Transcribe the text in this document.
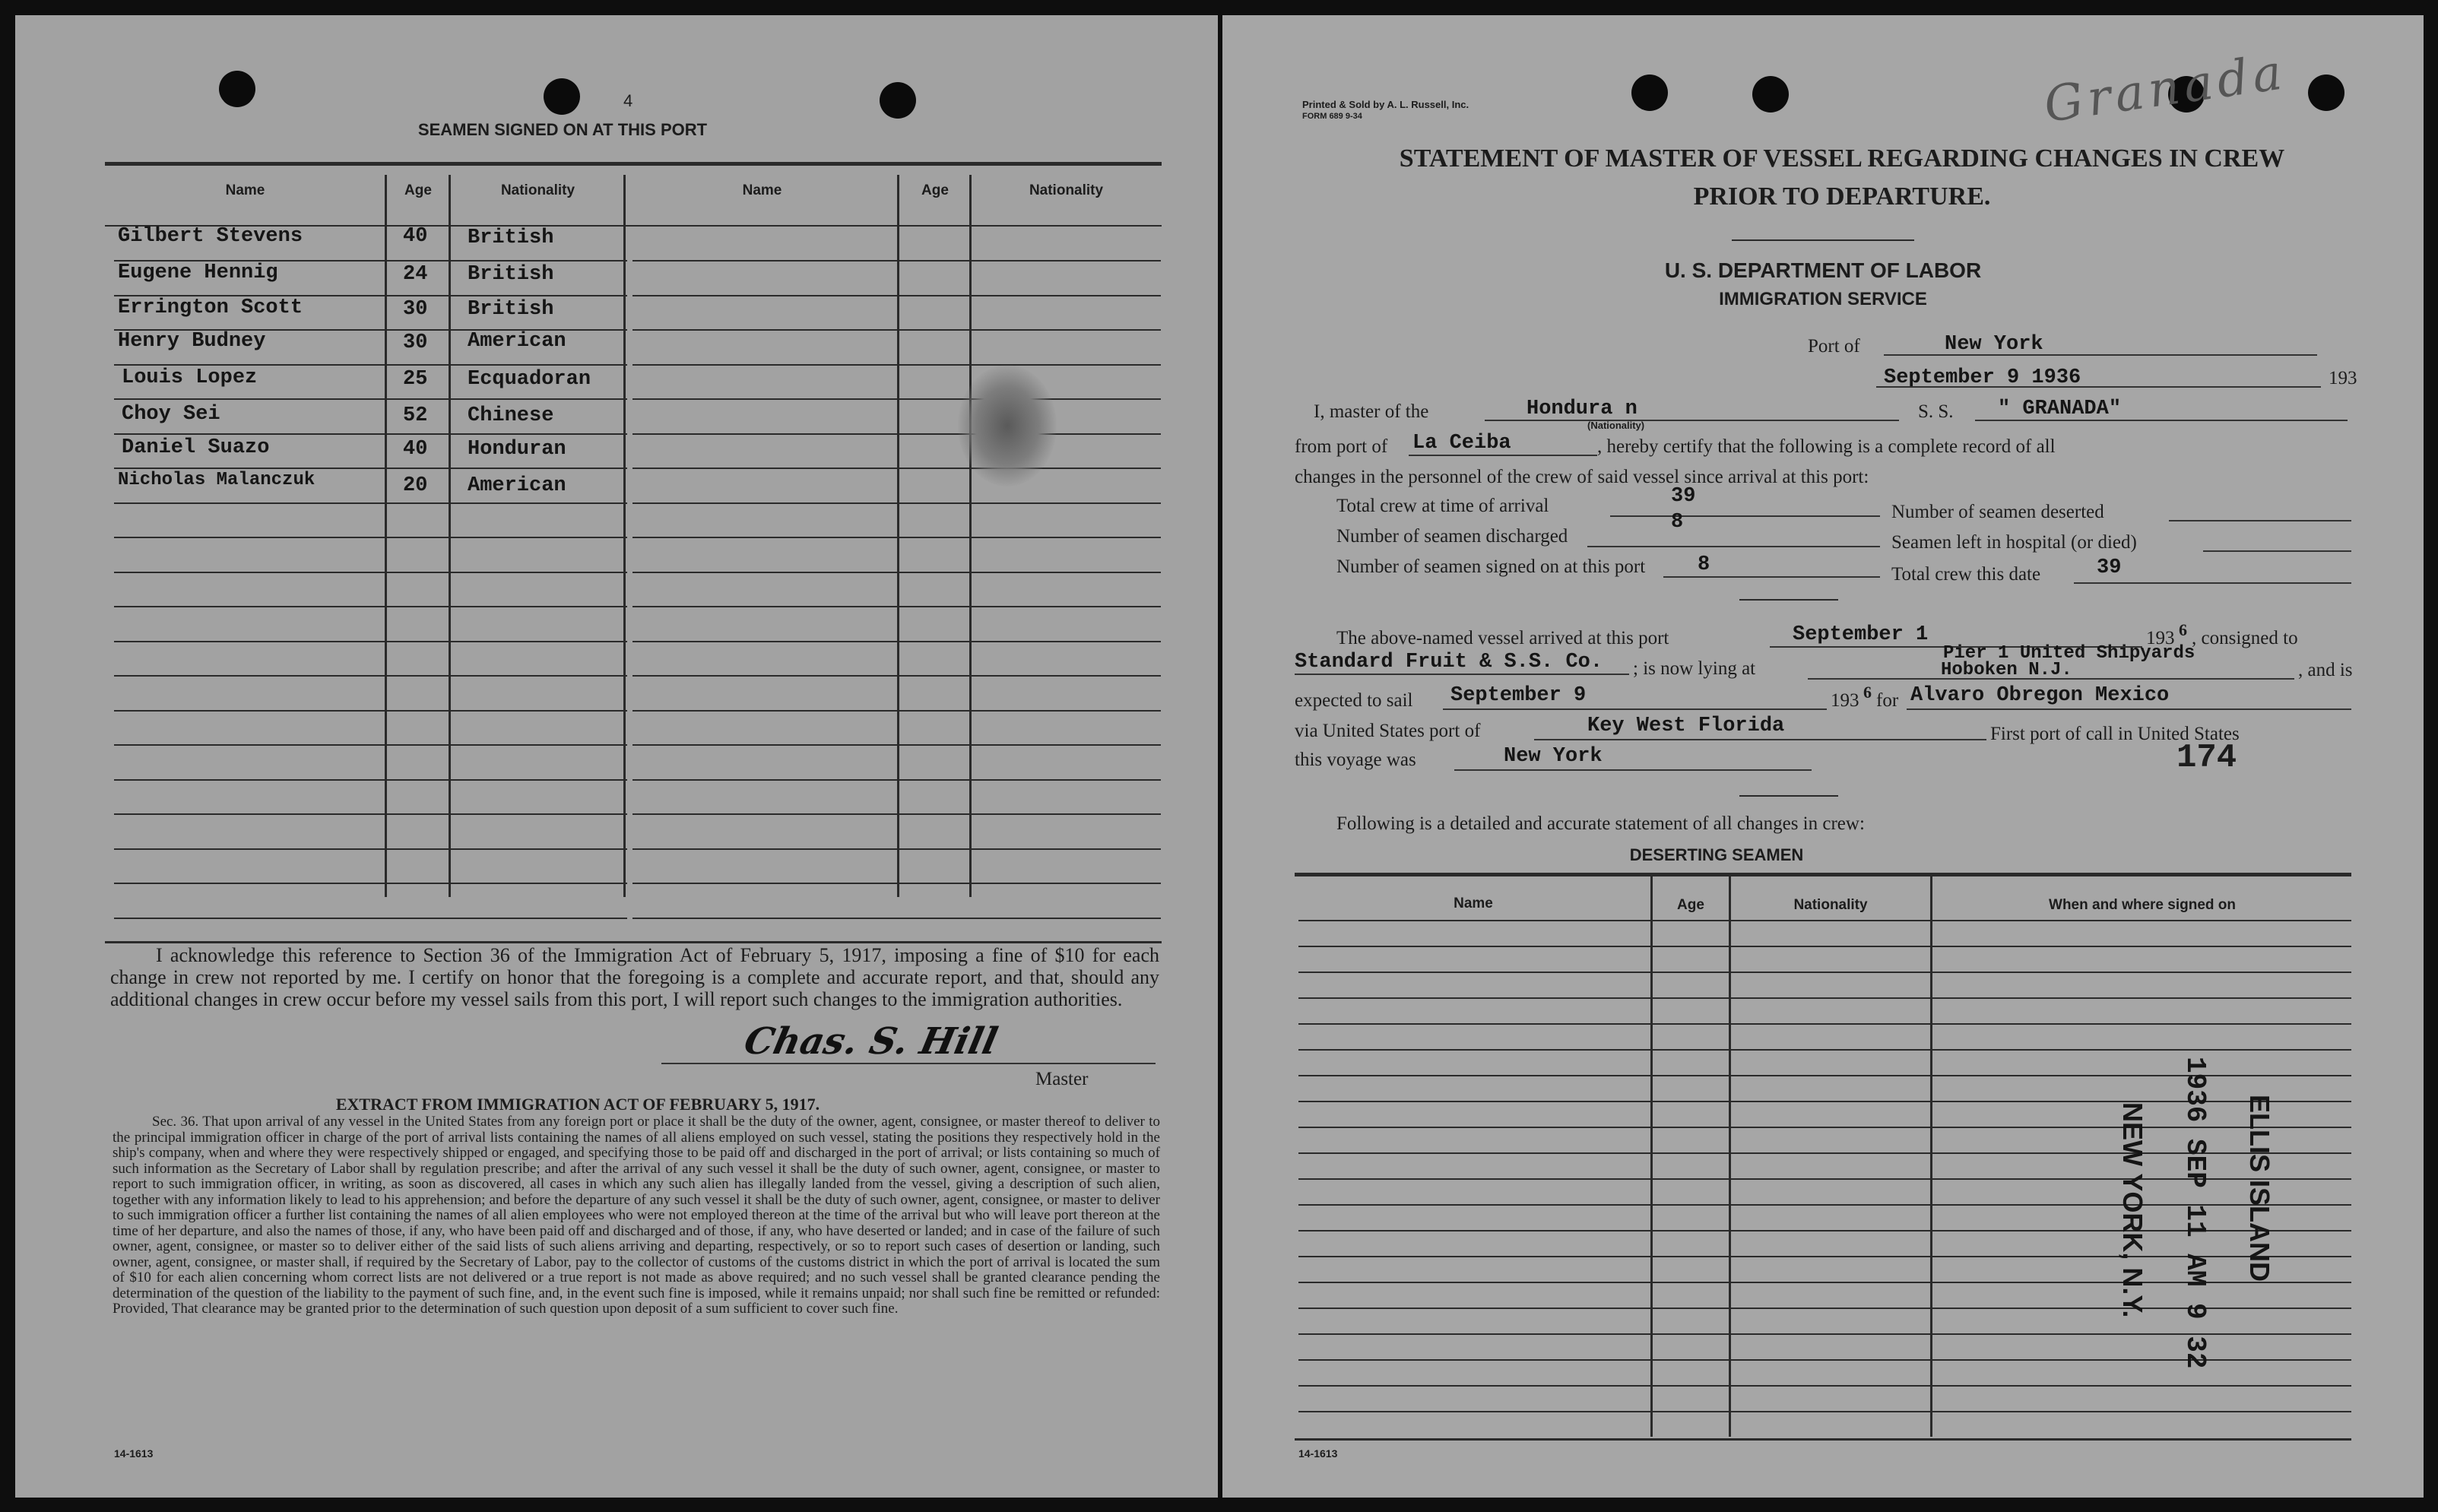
4
SEAMEN SIGNED ON AT THIS PORT
Name	Age	Nationality	Name	Age	Nationality
Gilbert Stevens	40 British
Eugene Hennig	24 British
Errington Scott	30 British
Henry Budney	30 American
Louis Lopez	25 Ecquadoran
Choy Sei	52 Chinese
Daniel Suazo	40 Honduran
Nicholas Malanczuk	20 American
I acknowledge this reference to Section 36 of the Immigration Act of February 5, 1917, imposing a fine of $10 for each change in crew not reported by me. I certify on honor that the foregoing is a complete and accurate report, and that, should any additional changes in crew occur before my vessel sails from this port, I will report such changes to the immigration authorities.
Chas. S. Hill
Master
EXTRACT FROM IMMIGRATION ACT OF FEBRUARY 5, 1917.
Sec. 36. That upon arrival of any vessel in the United States from any foreign port or place it shall be the duty of the owner, agent, consignee, or master thereof to deliver to the principal immigration officer in charge of the port of arrival lists containing the names of all aliens employed on such vessel, stating the positions they respectively hold in the ship's company, when and where they were respectively shipped or engaged, and specifying those to be paid off and discharged in the port of arrival; or lists containing so much of such information as the Secretary of Labor shall by regulation prescribe; and after the arrival of any such vessel it shall be the duty of such owner, agent, consignee, or master to report to such immigration officer, in writing, as soon as discovered, all cases in which any such alien has illegally landed from the vessel, giving a description of such alien, together with any information likely to lead to his apprehension; and before the departure of any such vessel it shall be the duty of such owner, agent, consignee, or master to deliver to such immigration officer a further list containing the names of all alien employees who were not employed thereon at the time of the arrival but who will leave port thereon at the time of her departure, and also the names of those, if any, who have been paid off and discharged and of those, if any, who have deserted or landed; and in case of the failure of such owner, agent, consignee, or master so to deliver either of the said lists of such aliens arriving and departing, respectively, or so to report such cases of desertion or landing, such owner, agent, consignee, or master shall, if required by the Secretary of Labor, pay to the collector of customs of the customs district in which the port of arrival is located the sum of $10 for each alien concerning whom correct lists are not delivered or a true report is not made as above required; and no such vessel shall be granted clearance pending the determination of the question of the liability to the payment of such fine, and, in the event such fine is imposed, while it remains unpaid; nor shall such fine be remitted or refunded: Provided, That clearance may be granted prior to the determination of such question upon deposit of a sum sufficient to cover such fine.
14-1613
Printed & Sold by A. L. Russell, Inc.
FORM 689 9-34	Granada
STATEMENT OF MASTER OF VESSEL REGARDING CHANGES IN CREW
PRIOR TO DEPARTURE.
U. S. DEPARTMENT OF LABOR
IMMIGRATION SERVICE
Port of	New York
September 9 1936	193
I, master of the	Hondura n
(Nationality)
S. S. " GRANADA"
from port of La Ceiba	, hereby certify that the following is a complete record of all
changes in the personnel of the crew of said vessel since arrival at this port:
Total crew at time of arrival	39
Number of seamen discharged
8
Number of seamen signed on at this port	8
Number of seamen deserted
Seamen left in hospital (or died)
Total crew this date	39
The above-named vessel arrived at this port	September 1	193 6 , consigned to
Standard Fruit & S.S. Co. ; is now lying at
Pier 1 United Shipyards
Hoboken N.J.	, and is
expected to sail September 9	193 6 for Alvaro Obregon Mexico
via United States port of	Key West Florida	First port of call in United States
this voyage was	New York	174
Following is a detailed and accurate statement of all changes in crew:
DESERTING SEAMEN
Name	Age	Nationality	When and where signed on
ELLIS ISLAND
1936 SEP 11 AM 9 32
NEW YORK, N.Y.
14-1613
